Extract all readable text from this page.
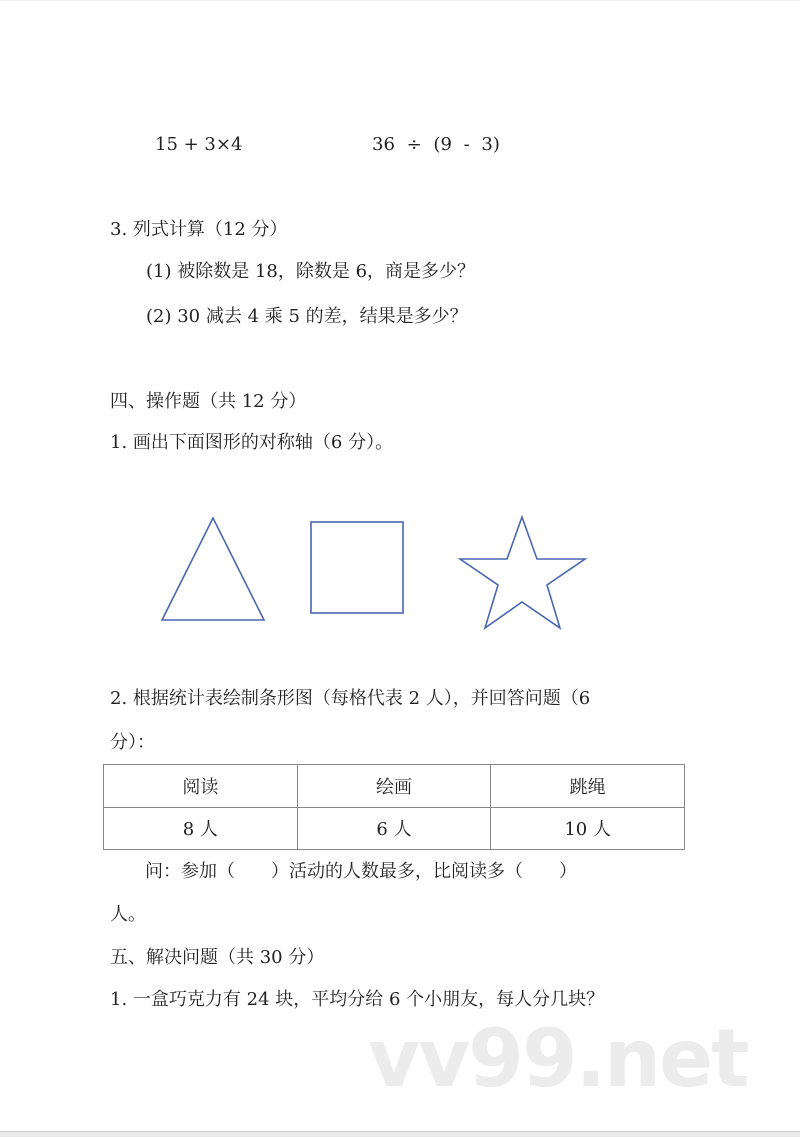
15 + 3×4	36 ÷ (9 - 3)
3. 列式计算（12 分）
(1) 被除数是 18，除数是 6，商是多少？
(2) 30 减去 4 乘 5 的差，结果是多少？
四、操作题（共 12 分）
1. 画出下面图形的对称轴（6 分）。
2. 根据统计表绘制条形图（每格代表 2 人），并回答问题（6
分）：
阅读	绘画	跳绳
8 人	6 人	10 人
问：参加（　　）活动的人数最多，比阅读多（　　）
人。
五、解决问题（共 30 分）
1. 一盒巧克力有 24 块，平均分给 6 个小朋友，每人分几块？
vv99.net
